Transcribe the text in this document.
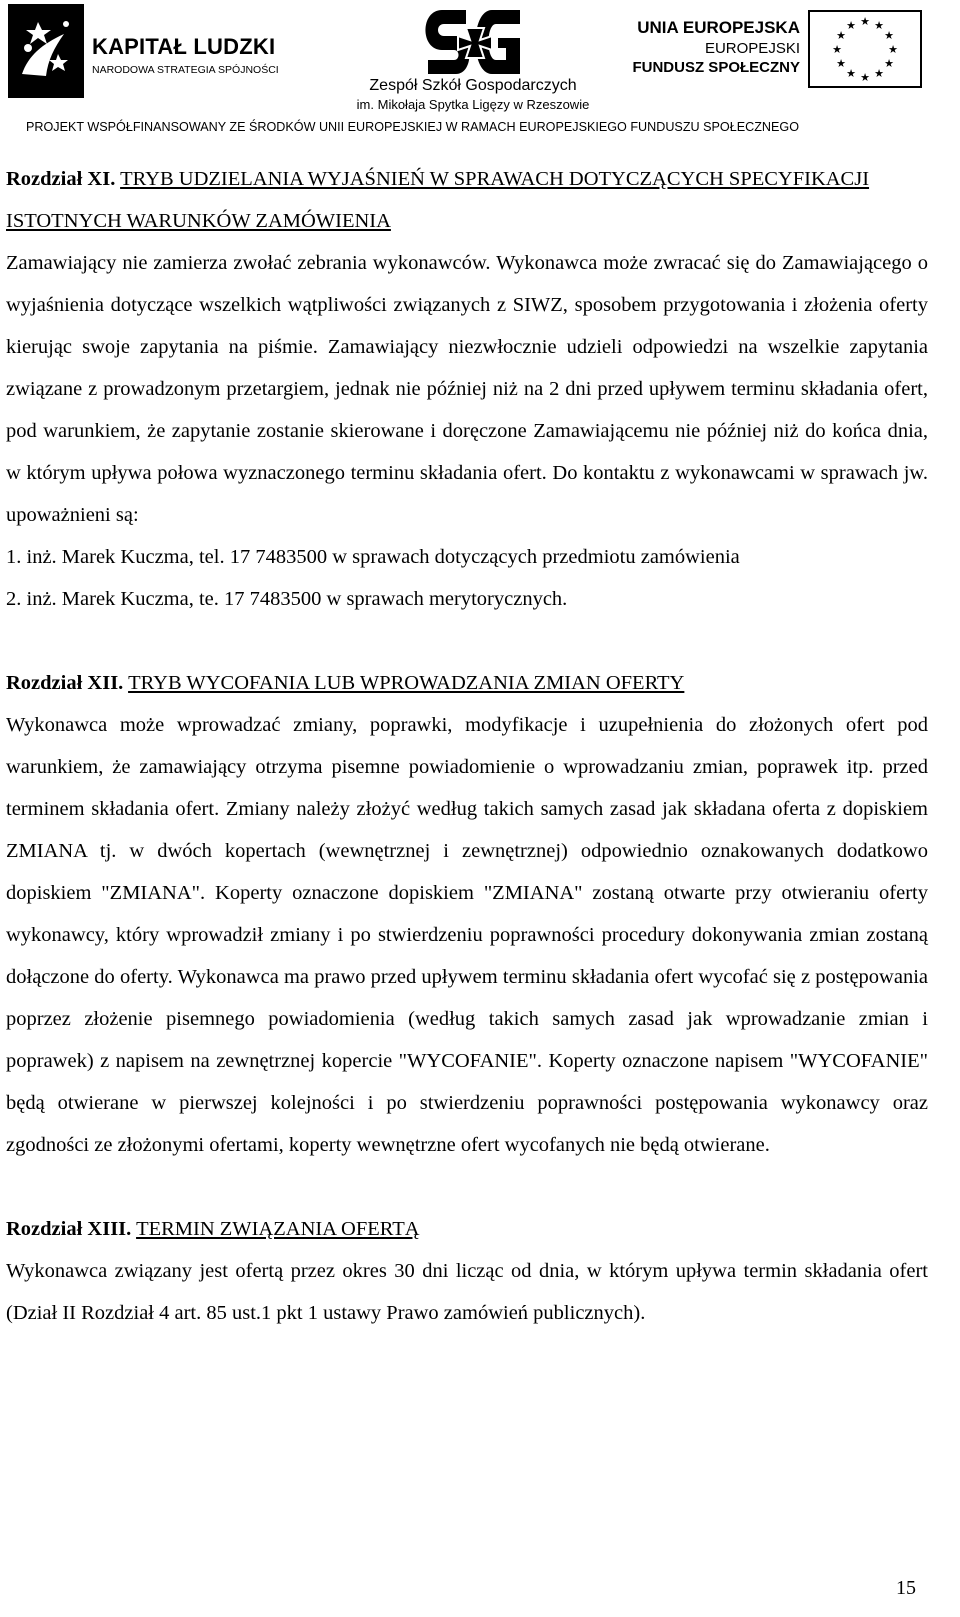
KAPITAŁ LUDZKI
NARODOWA STRATEGIA SPÓJNOŚCI
Zespół Szkół Gospodarczych
im. Mikołaja Spytka Ligęzy w Rzeszowie
UNIA EUROPEJSKA
EUROPEJSKI
FUNDUSZ SPOŁECZNY
★ ★
★
★
★
★
★
★
★
★
★
★
PROJEKT WSPÓŁFINANSOWANY ZE ŚRODKÓW UNII EUROPEJSKIEJ W RAMACH EUROPEJSKIEGO FUNDUSZU SPOŁECZNEGO

Rozdział XI. TRYB UDZIELANIA WYJAŚNIEŃ W SPRAWACH DOTYCZĄCYCH SPECYFIKACJI ISTOTNYCH WARUNKÓW ZAMÓWIENIA

Zamawiający nie zamierza zwołać zebrania wykonawców. Wykonawca może zwracać się do Zamawiającego o wyjaśnienia dotyczące wszelkich wątpliwości związanych z SIWZ, sposobem przygotowania i złożenia oferty kierując swoje zapytania na piśmie. Zamawiający niezwłocznie udzieli odpowiedzi na wszelkie zapytania związane z prowadzonym przetargiem, jednak nie później niż na 2 dni przed upływem terminu składania ofert, pod warunkiem, że zapytanie zostanie skierowane i doręczone Zamawiającemu nie później niż do końca dnia, w którym upływa połowa wyznaczonego terminu składania ofert. Do kontaktu z wykonawcami w sprawach jw. upoważnieni są:

1. inż. Marek Kuczma, tel. 17 7483500 w sprawach dotyczących przedmiotu zamówienia

2. inż. Marek Kuczma, te. 17 7483500 w sprawach merytorycznych.

Rozdział XII. TRYB WYCOFANIA LUB WPROWADZANIA ZMIAN OFERTY

Wykonawca może wprowadzać zmiany, poprawki, modyfikacje i uzupełnienia do złożonych ofert pod warunkiem, że zamawiający otrzyma pisemne powiadomienie o wprowadzaniu zmian, poprawek itp. przed terminem składania ofert. Zmiany należy złożyć według takich samych zasad jak składana oferta z dopiskiem ZMIANA tj. w dwóch kopertach (wewnętrznej i zewnętrznej) odpowiednio oznakowanych dodatkowo dopiskiem "ZMIANA". Koperty oznaczone dopiskiem "ZMIANA" zostaną otwarte przy otwieraniu oferty wykonawcy, który wprowadził zmiany i po stwierdzeniu poprawności procedury dokonywania zmian zostaną dołączone do oferty. Wykonawca ma prawo przed upływem terminu składania ofert wycofać się z postępowania poprzez złożenie pisemnego powiadomienia (według takich samych zasad jak wprowadzanie zmian i poprawek) z napisem na zewnętrznej kopercie "WYCOFANIE". Koperty oznaczone napisem "WYCOFANIE" będą otwierane w pierwszej kolejności i po stwierdzeniu poprawności postępowania wykonawcy oraz zgodności ze złożonymi ofertami, koperty wewnętrzne ofert wycofanych nie będą otwierane.

Rozdział XIII. TERMIN ZWIĄZANIA OFERTĄ

Wykonawca związany jest ofertą przez okres 30 dni licząc od dnia, w którym upływa termin składania ofert (Dział II Rozdział 4 art. 85 ust.1 pkt 1 ustawy Prawo zamówień publicznych).

15
